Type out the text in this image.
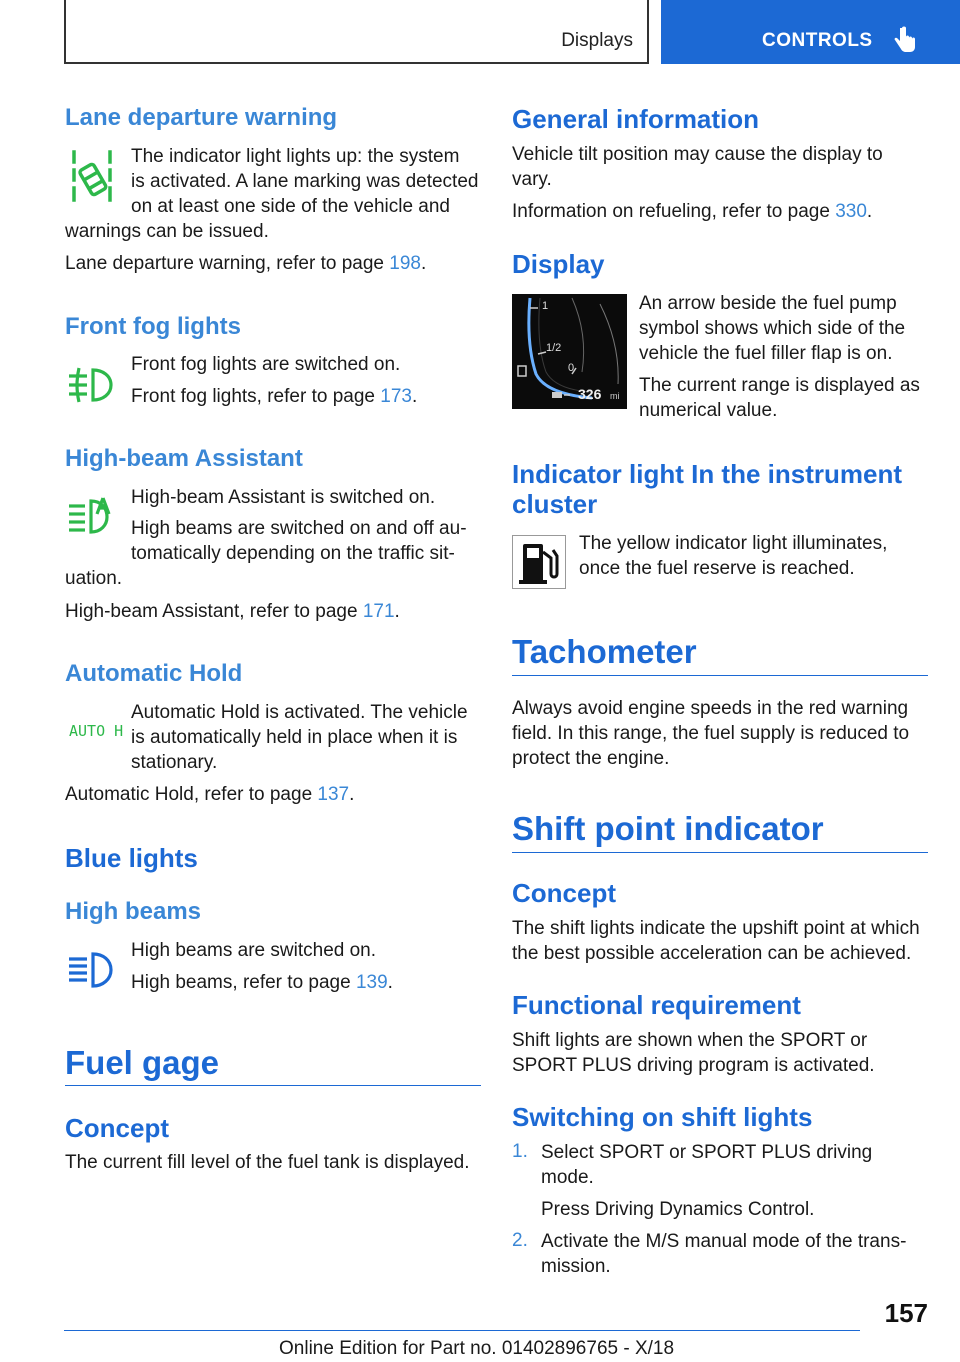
Displays	CONTROLS
Lane departure warning
The indicator light lights up: the system
is activated. A lane marking was detected
on at least one side of the vehicle and
warnings can be issued.
Lane departure warning, refer to page 198.
Front fog lights
Front fog lights are switched on.
Front fog lights, refer to page 173.
High-beam Assistant
High-beam Assistant is switched on.
High beams are switched on and off au-
tomatically depending on the traffic sit-
uation.
High-beam Assistant, refer to page 171.
Automatic Hold
AUTO H
Automatic Hold is activated. The vehicle
is automatically held in place when it is
stationary.
Automatic Hold, refer to page 137.
Blue lights
High beams
High beams are switched on.
High beams, refer to page 139.
Fuel gage
Concept
The current fill level of the fuel tank is displayed.
General information
Vehicle tilt position may cause the display to
vary.
Information on refueling, refer to page 330.
Display
1
1/2
0
326 mi
An arrow beside the fuel pump
symbol shows which side of the
vehicle the fuel filler flap is on.
The current range is displayed as
numerical value.
Indicator light In the instrument
cluster
The yellow indicator light illuminates,
once the fuel reserve is reached.
Tachometer
Always avoid engine speeds in the red warning
field. In this range, the fuel supply is reduced to
protect the engine.
Shift point indicator
Concept
The shift lights indicate the upshift point at which
the best possible acceleration can be achieved.
Functional requirement
Shift lights are shown when the SPORT or
SPORT PLUS driving program is activated.
Switching on shift lights
1. Select SPORT or SPORT PLUS driving
mode.
Press Driving Dynamics Control.
2. Activate the M/S manual mode of the trans-
mission.
157
Online Edition for Part no. 01402896765 - X/18
